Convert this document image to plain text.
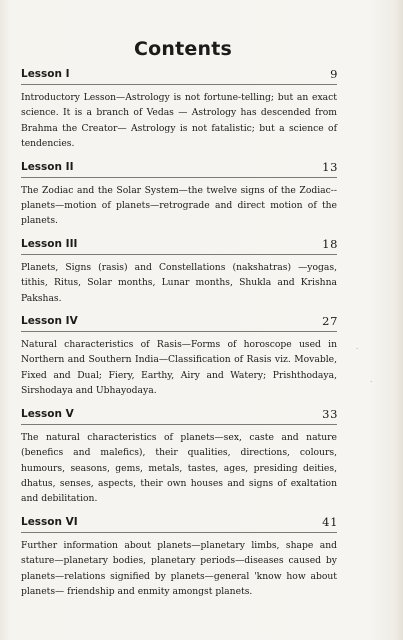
Contents
Lesson I	9

Introductory Lesson—Astrology is not fortune-telling; but an exact science. It is a branch of Vedas — Astrology has descended from Brahma the Creator— Astrology is not fatalistic; but a science of tendencies.

Lesson II	13

The Zodiac and the Solar System—the twelve signs of the Zodiac--planets—motion of planets—retrograde and direct motion of the planets.

Lesson III	18

Planets, Signs (rasis) and Constellations (nakshatras) —yogas, tithis, Ritus, Solar months, Lunar months, Shukla and Krishna Pakshas.

Lesson IV	27

Natural characteristics of Rasis—Forms of horoscope used in Northern and Southern India—Classification of Rasis viz. Movable, Fixed and Dual; Fiery, Earthy, Airy and Watery; Prishthodaya, Sirshodaya and Ubhayodaya.

Lesson V	33

The natural characteristics of planets—sex, caste and nature (benefics and malefics), their qualities, directions, colours, humours, seasons, gems, metals, tastes, ages, presiding deities, dhatus, senses, aspects, their own houses and signs of exaltation and debilitation.

Lesson VI	41

Further information about planets—planetary limbs, shape and stature—planetary bodies, planetary periods—diseases caused by planets—relations signified by planets—general 'know how about planets— friendship and enmity amongst planets.

·
·
